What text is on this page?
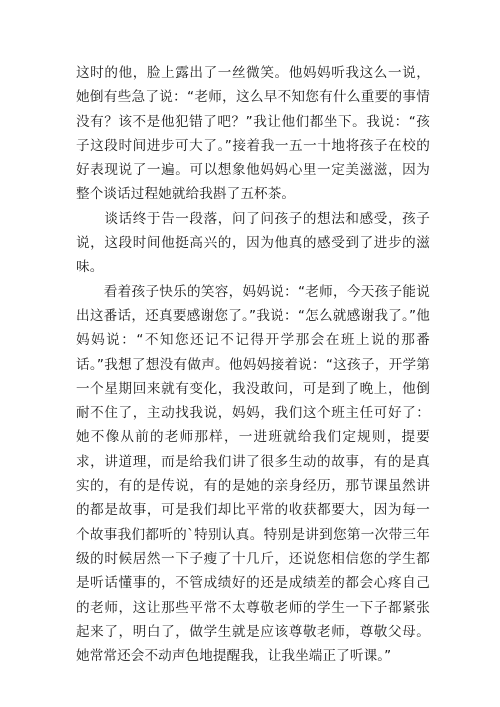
这时的他，脸上露出了一丝微笑。他妈妈听我这么一说，她倒有些急了说：“老师，这么早不知您有什么重要的事情没有？该不是他犯错了吧？”我让他们都坐下。我说：“孩子这段时间进步可大了。”接着我一五一十地将孩子在校的好表现说了一遍。可以想象他妈妈心里一定美滋滋，因为整个谈话过程她就给我斟了五杯茶。

　　谈话终于告一段落，问了问孩子的想法和感受，孩子说，这段时间他挺高兴的，因为他真的感受到了进步的滋味。

　　看着孩子快乐的笑容，妈妈说：“老师，今天孩子能说出这番话，还真要感谢您了。”我说：“怎么就感谢我了。”他妈妈说：“不知您还记不记得开学那会在班上说的那番话。”我想了想没有做声。他妈妈接着说：“这孩子，开学第一个星期回来就有变化，我没敢问，可是到了晚上，他倒耐不住了，主动找我说，妈妈，我们这个班主任可好了：她不像从前的老师那样，一进班就给我们定规则，提要求，讲道理，而是给我们讲了很多生动的故事，有的是真实的，有的是传说，有的是她的亲身经历，那节课虽然讲的都是故事，可是我们却比平常的收获都要大，因为每一个故事我们都听的`特别认真。特别是讲到您第一次带三年级的时候居然一下子瘦了十几斤，还说您相信您的学生都是听话懂事的，不管成绩好的还是成绩差的都会心疼自己的老师，这让那些平常不太尊敬老师的学生一下子都紧张起来了，明白了，做学生就是应该尊敬老师，尊敬父母。她常常还会不动声色地提醒我，让我坐端正了听课。”
